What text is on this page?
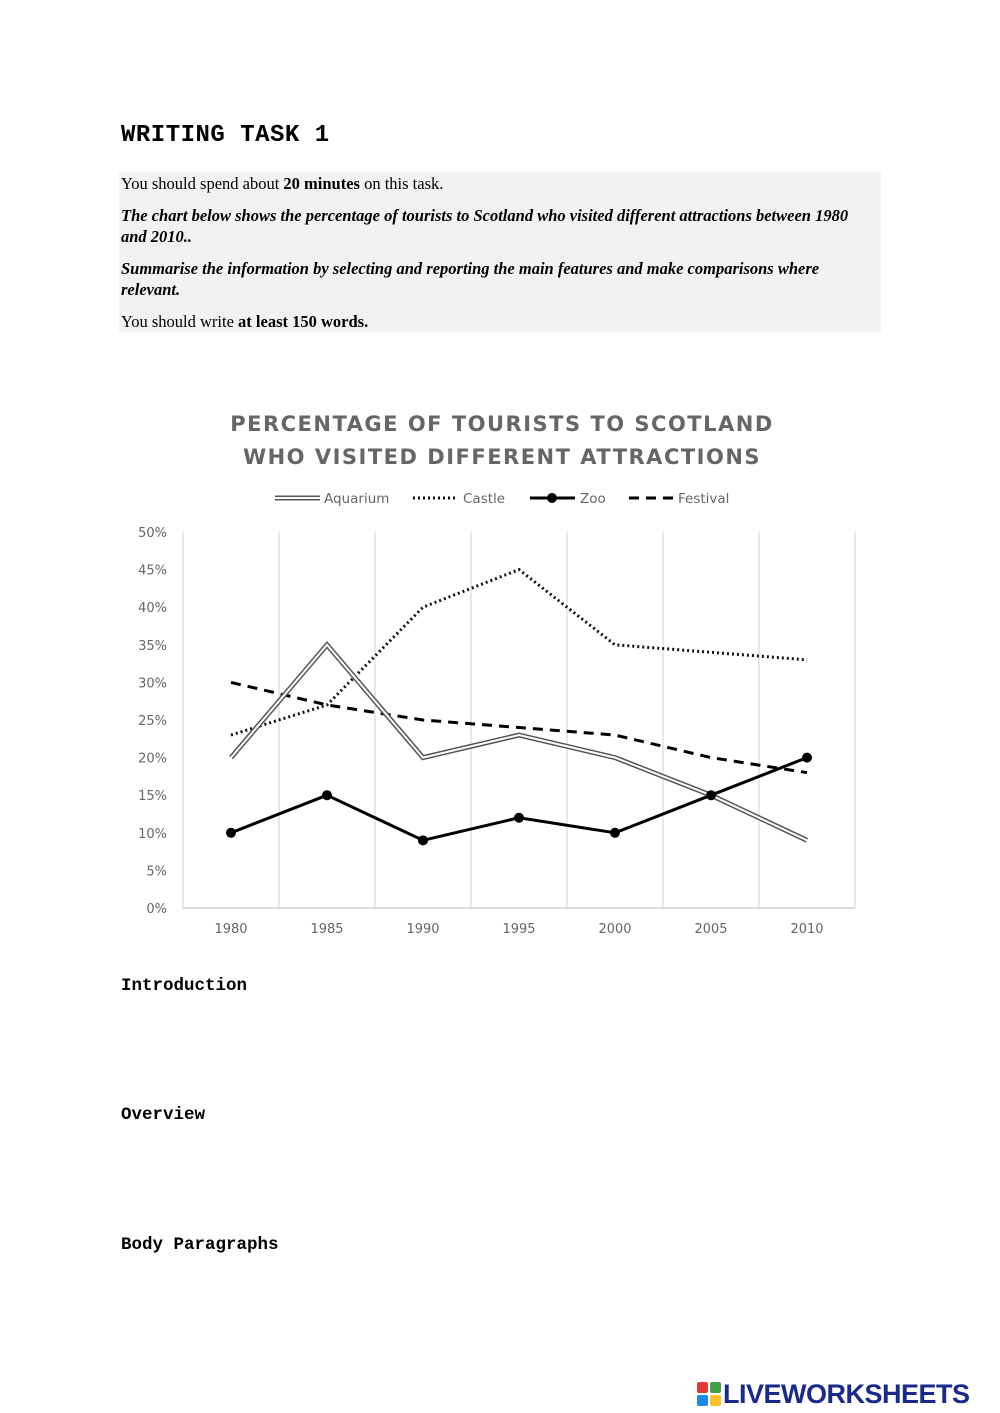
WRITING TASK 1

You should spend about 20 minutes on this task.

The chart below shows the percentage of tourists to Scotland who visited different attractions between 1980 and 2010..

Summarise the information by selecting and reporting the main features and make comparisons where relevant.

You should write at least 150 words.

PERCENTAGE OF TOURISTS TO SCOTLAND
WHO VISITED DIFFERENT ATTRACTIONS
Aquarium	Castle	Zoo	Festival
0%
5%
10%
15%
20%
25%
30%
35%
40%
45%
50%
1980	1985	1990	1995	2000	2005	2010
Introduction
Overview
Body Paragraphs
LIVEWORKSHEETS
